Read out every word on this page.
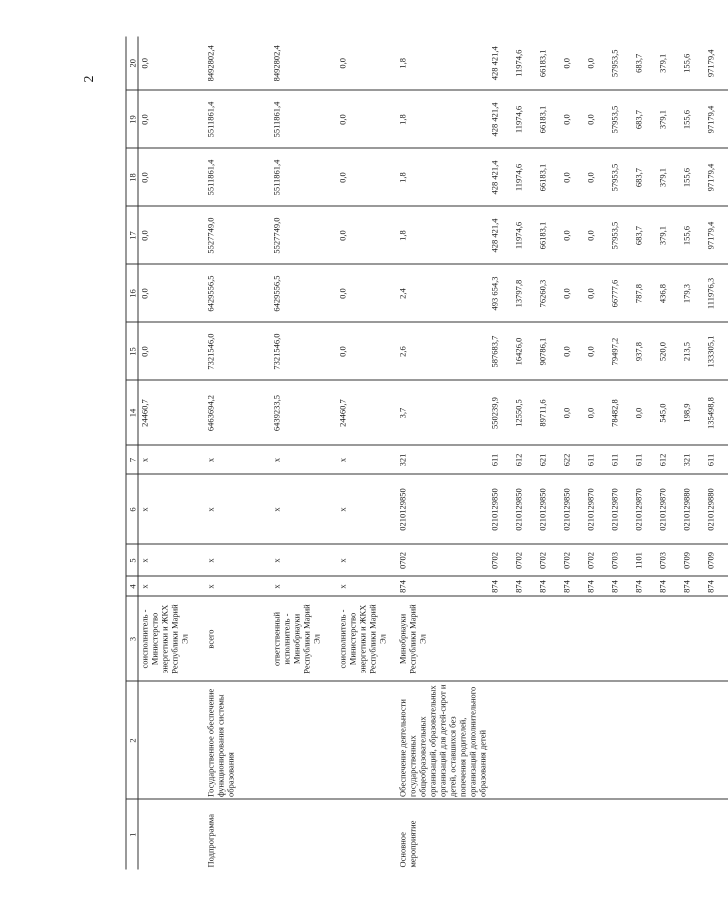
2
1	2	3	4	5	6	7	14	15	16	17	18	19	20
		соисполнитель - Министерство энергетики и ЖКХ Республики Марий Эл	х	х	х	х	24460,7	0,0	0,0	0,0	0,0	0,0	0,0
Подпрограмма	Государственное обеспечение функционирования системы образования	всего	х	х	х	х	6463694,2	7321546,0	6429556,5	5527749,0	5511861,4	5511861,4	8492802,4
		ответственный исполнитель - Минобрнауки Республики Марий Эл	х	х	х	х	6439233,5	7321546,0	6429556,5	5527749,0	5511861,4	5511861,4	8492802,4
		соисполнитель - Министерство энергетики и ЖКХ Республики Марий Эл	х	х	х	х	24460,7	0,0	0,0	0,0	0,0	0,0	0,0
Основное мероприятие	Обеспечение деятельности государственных общеобразовательных организаций, образовательных организаций для детей-сирот и детей, оставшихся без попечения родителей, организаций дополнительного образования детей	Минобрнауки Республики Марий Эл	874	0702	0210129850	321	3,7	2,6	2,4	1,8	1,8	1,8	1,8
			874	0702	0210129850	611	550239,9	587683,7	493 654,3	428 421,4	428 421,4	428 421,4	428 421,4
			874	0702	0210129850	612	12550,5	16426,0	13797,8	11974,6	11974,6	11974,6	11974,6
			874	0702	0210129850	621	89711,6	90786,1	76260,3	66183,1	66183,1	66183,1	66183,1
			874	0702	0210129850	622	0,0	0,0	0,0	0,0	0,0	0,0	0,0
			874	0702	0210129870	611	0,0	0,0	0,0	0,0	0,0	0,0	0,0
			874	0703	0210129870	611	78482,8	79497,2	66777,6	57953,5	57953,5	57953,5	57953,5
			874	1101	0210129870	611	0,0	937,8	787,8	683,7	683,7	683,7	683,7
			874	0703	0210129870	612	545,0	520,0	436,8	379,1	379,1	379,1	379,1
			874	0709	0210129880	321	198,9	213,5	179,3	155,6	155,6	155,6	155,6
			874	0709	0210129880	611	135498,8	133305,1	111976,3	97179,4	97179,4	97179,4	97179,4
